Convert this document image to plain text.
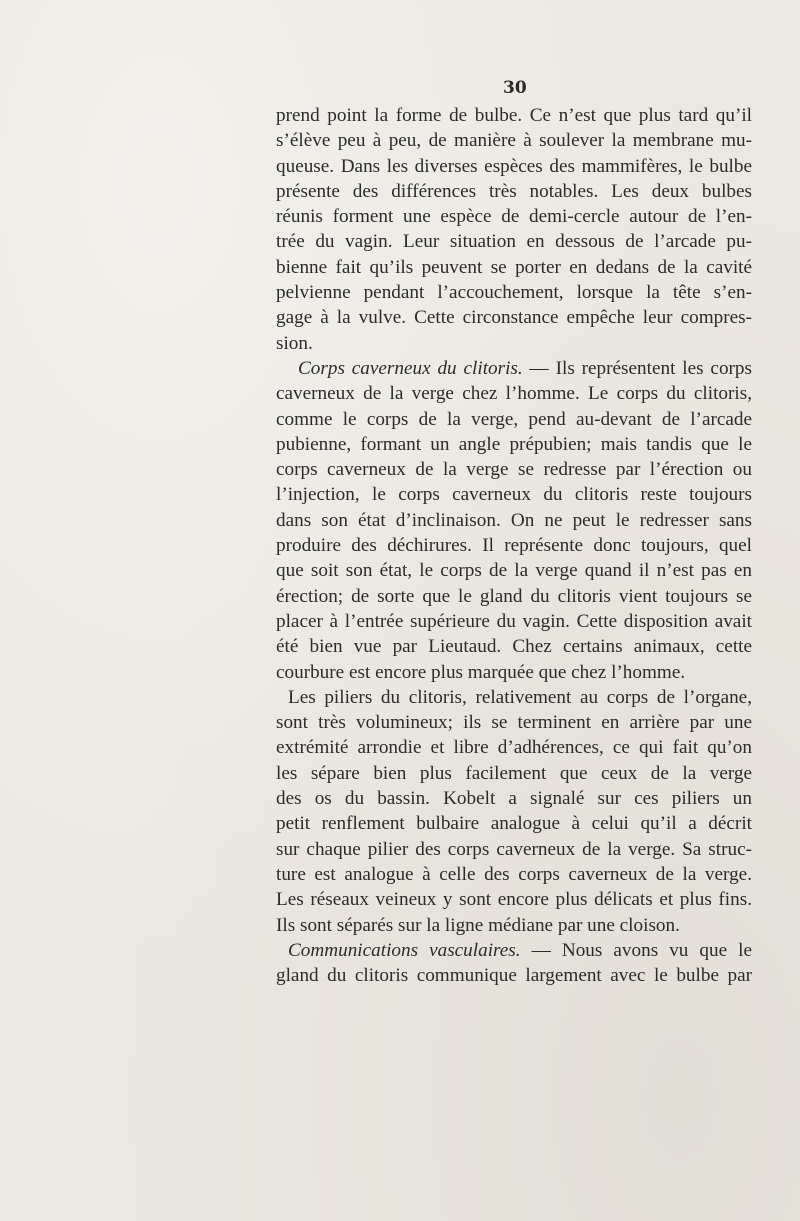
30
prend point la forme de bulbe. Ce n’est que plus tard qu’il
s’élève peu à peu, de manière à soulever la membrane mu-
queuse. Dans les diverses espèces des mammifères, le bulbe
présente des différences très notables. Les deux bulbes
réunis forment une espèce de demi-cercle autour de l’en-
trée du vagin. Leur situation en dessous de l’arcade pu-
bienne fait qu’ils peuvent se porter en dedans de la cavité
pelvienne pendant l’accouchement, lorsque la tête s’en-
gage à la vulve. Cette circonstance empêche leur compres-
sion.
Corps caverneux du clitoris. — Ils représentent les corps
caverneux de la verge chez l’homme. Le corps du clitoris,
comme le corps de la verge, pend au-devant de l’arcade
pubienne, formant un angle prépubien; mais tandis que le
corps caverneux de la verge se redresse par l’érection ou
l’injection, le corps caverneux du clitoris reste toujours
dans son état d’inclinaison. On ne peut le redresser sans
produire des déchirures. Il représente donc toujours, quel
que soit son état, le corps de la verge quand il n’est pas en
érection; de sorte que le gland du clitoris vient toujours se
placer à l’entrée supérieure du vagin. Cette disposition avait
été bien vue par Lieutaud. Chez certains animaux, cette
courbure est encore plus marquée que chez l’homme.
Les piliers du clitoris, relativement au corps de l’organe,
sont très volumineux; ils se terminent en arrière par une
extrémité arrondie et libre d’adhérences, ce qui fait qu’on
les sépare bien plus facilement que ceux de la verge
des os du bassin. Kobelt a signalé sur ces piliers un
petit renflement bulbaire analogue à celui qu’il a décrit
sur chaque pilier des corps caverneux de la verge. Sa struc-
ture est analogue à celle des corps caverneux de la verge.
Les réseaux veineux y sont encore plus délicats et plus fins.
Ils sont séparés sur la ligne médiane par une cloison.
Communications vasculaires. — Nous avons vu que le
gland du clitoris communique largement avec le bulbe par
